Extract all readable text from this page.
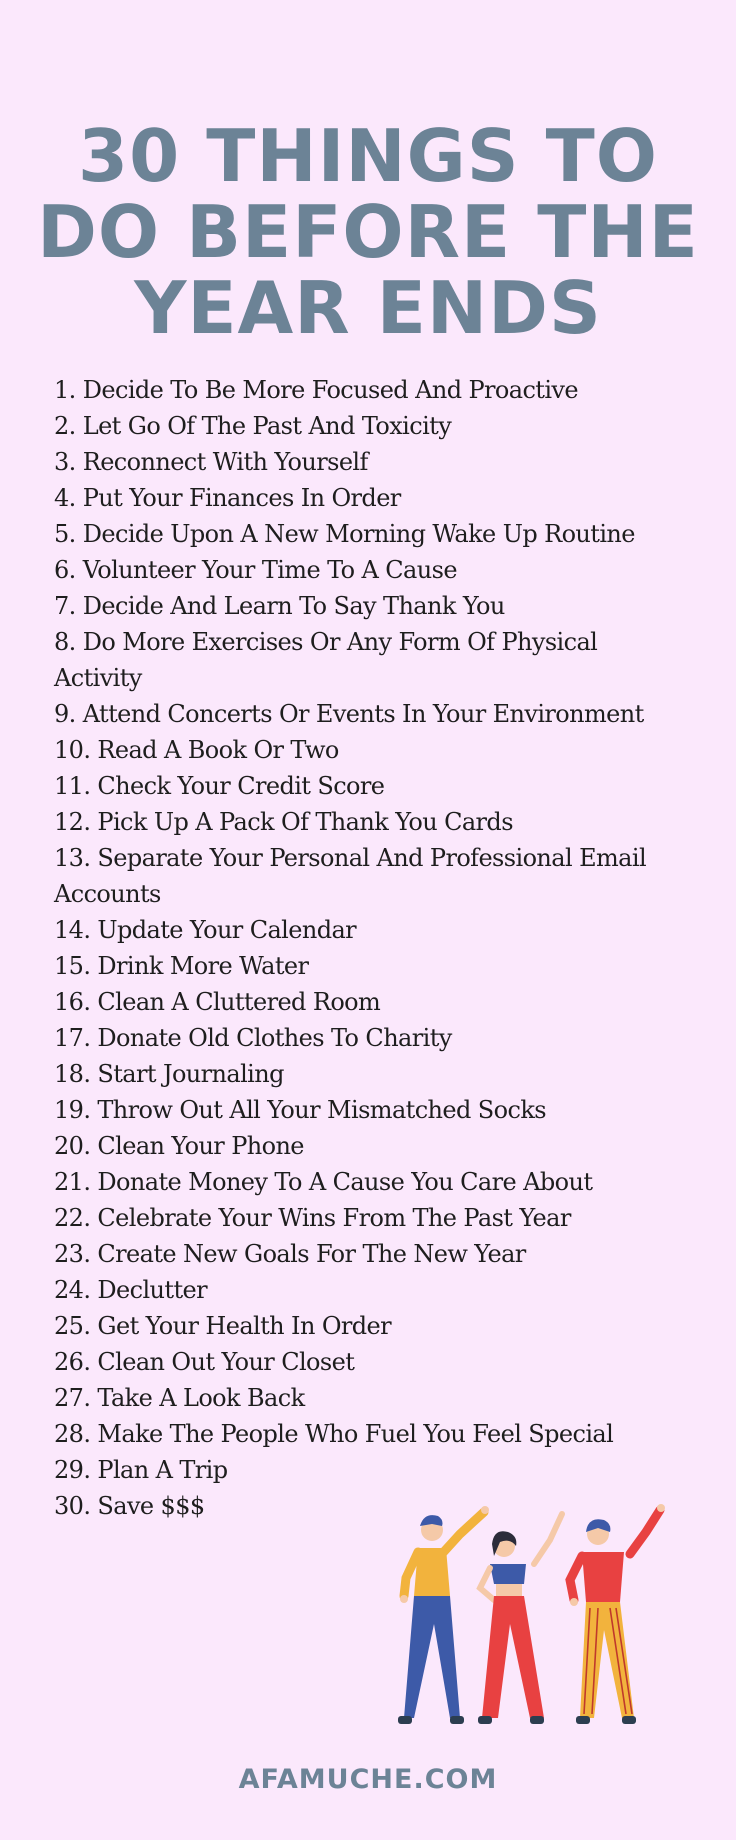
30 THINGS TO
DO BEFORE THE
YEAR ENDS
1. Decide To Be More Focused And Proactive
2. Let Go Of The Past And Toxicity
3. Reconnect With Yourself
4. Put Your Finances In Order
5. Decide Upon A New Morning Wake Up Routine
6. Volunteer Your Time To A Cause
7. Decide And Learn To Say Thank You
8. Do More Exercises Or Any Form Of Physical Activity
9. Attend Concerts Or Events In Your Environment
10. Read A Book Or Two
11. Check Your Credit Score
12. Pick Up A Pack Of Thank You Cards
13. Separate Your Personal And Professional Email Accounts
14. Update Your Calendar
15. Drink More Water
16. Clean A Cluttered Room
17. Donate Old Clothes To Charity
18. Start Journaling
19. Throw Out All Your Mismatched Socks
20. Clean Your Phone
21. Donate Money To A Cause You Care About
22. Celebrate Your Wins From The Past Year
23. Create New Goals For The New Year
24. Declutter
25. Get Your Health In Order
26. Clean Out Your Closet
27. Take A Look Back
28. Make The People Who Fuel You Feel Special
29. Plan A Trip
30. Save $$$
AFAMUCHE.COM
